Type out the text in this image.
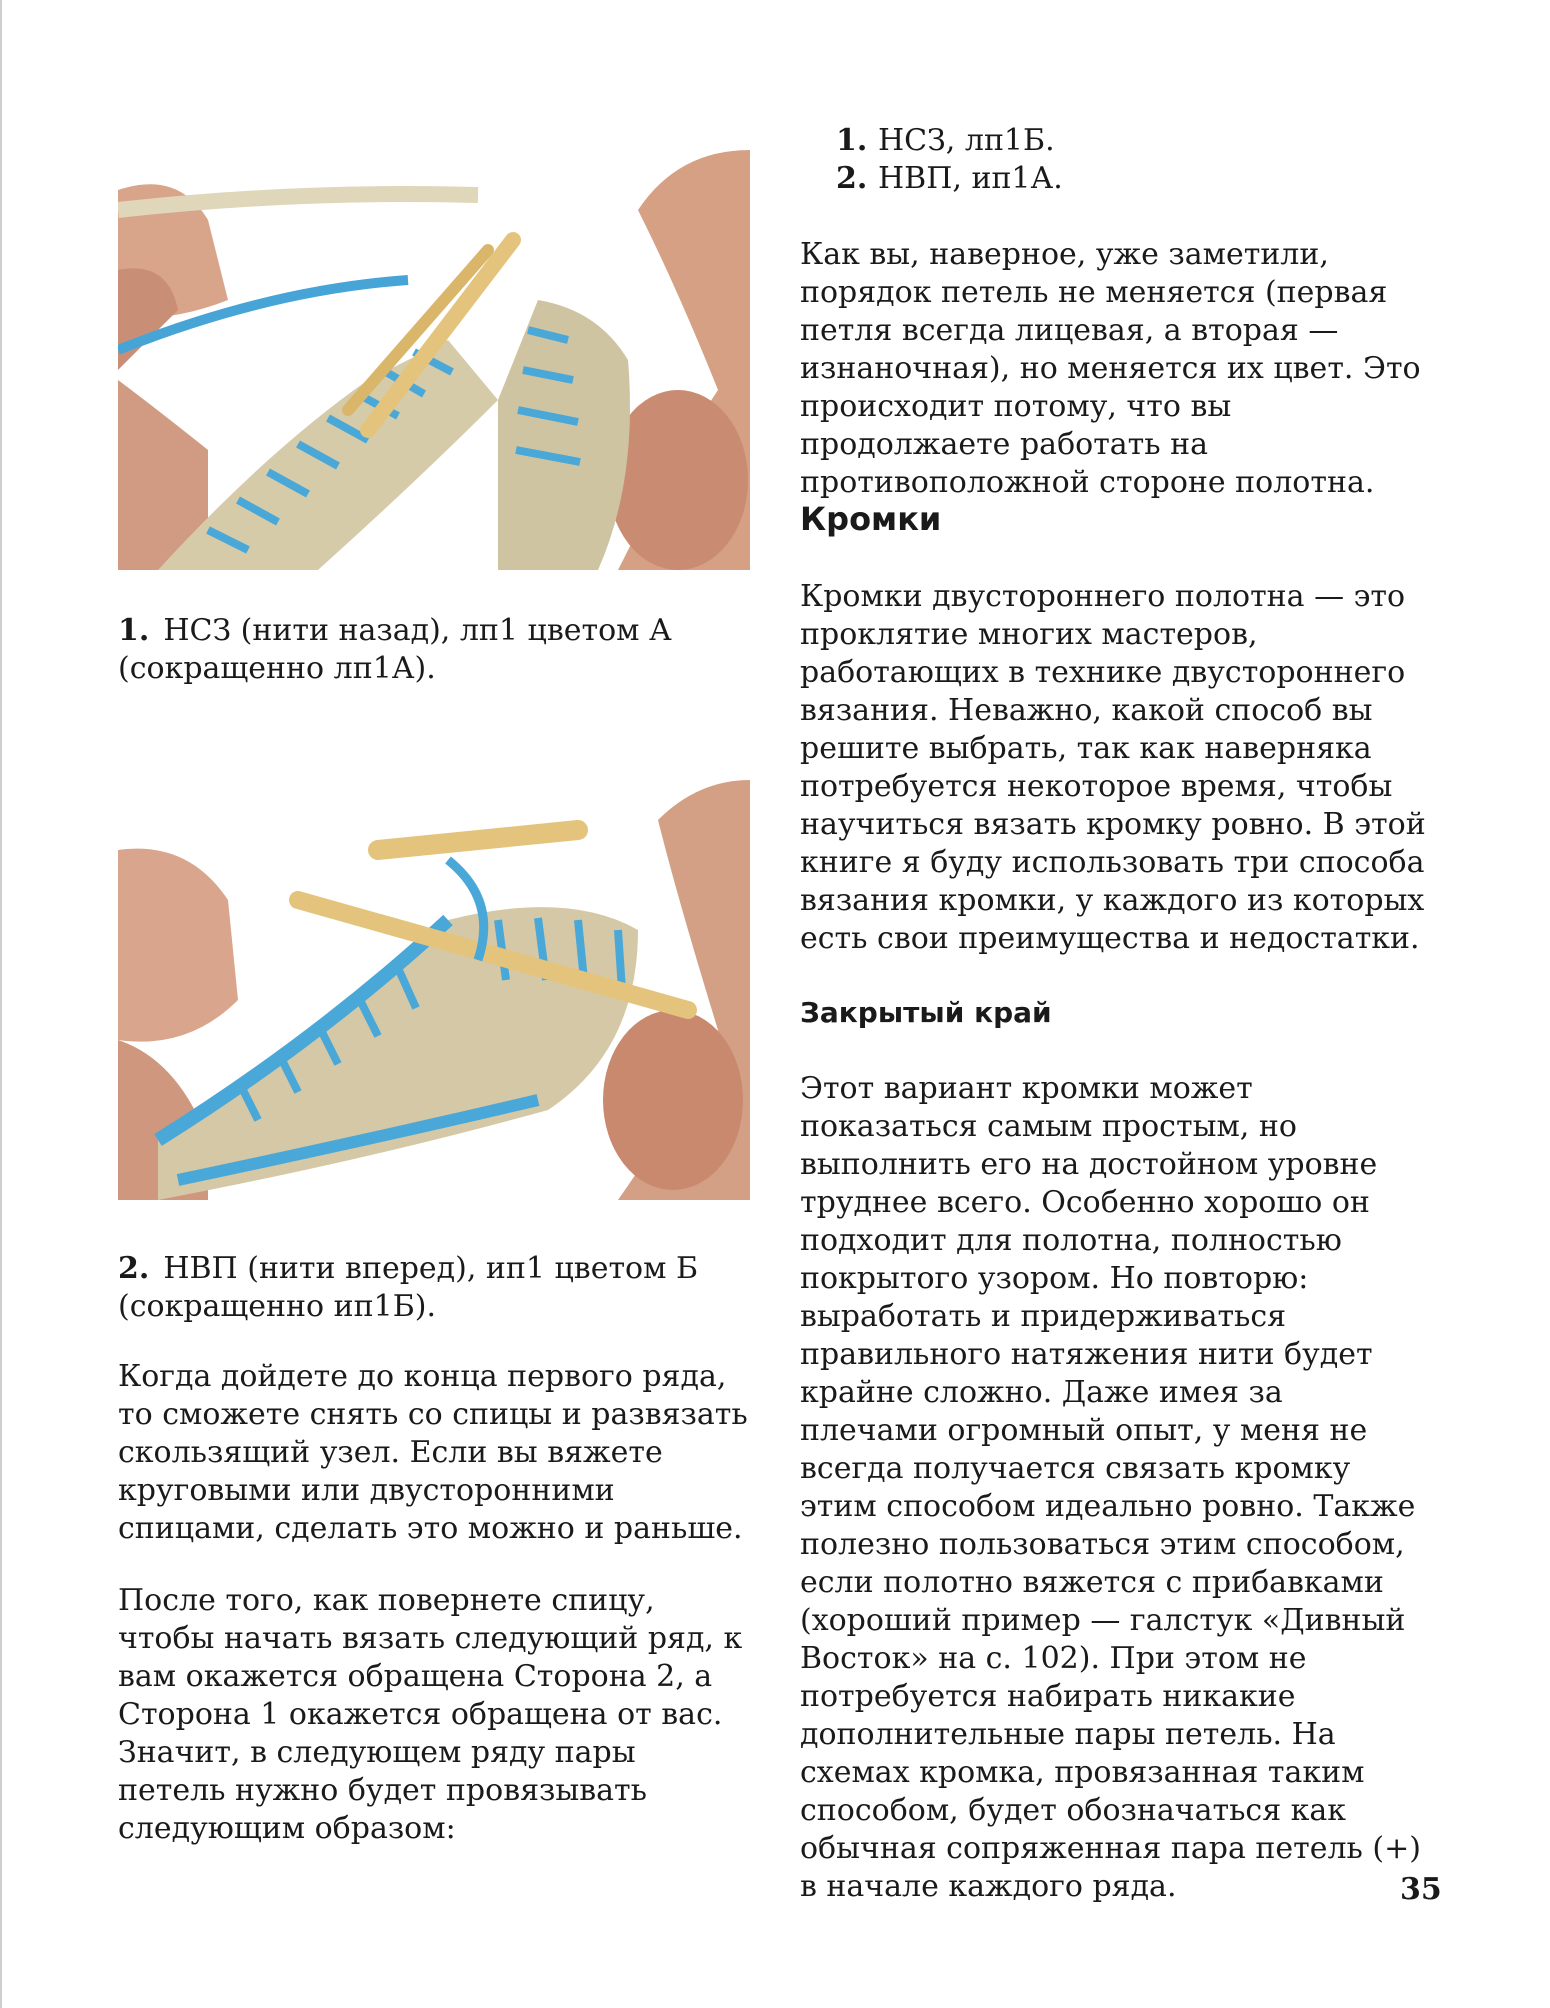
1. НСЗ (нити назад), лп1 цветом А (сокращенно лп1А).

2. НВП (нити вперед), ип1 цветом Б (сокращенно ип1Б).

Когда дойдете до конца первого ряда, то сможете снять со спицы и развязать скользящий узел. Если вы вяжете круговыми или двусторонними спицами, сделать это можно и раньше.

После того, как повернете спицу, чтобы начать вязать следующий ряд, к вам окажется обращена Сторона 2, а Сторона 1 окажется обращена от вас. Значит, в следующем ряду пары петель нужно будет провязывать следующим образом:

1. НСЗ, лп1Б.
2. НВП, ип1А.

Как вы, наверное, уже заметили, порядок петель не меняется (первая петля всегда лицевая, а вторая — изнаночная), но меняется их цвет. Это происходит потому, что вы продолжаете работать на противоположной стороне полотна.

Кромки

Кромки двустороннего полотна — это проклятие многих мастеров, работающих в технике двустороннего вязания. Неважно, какой способ вы решите выбрать, так как наверняка потребуется некоторое время, чтобы научиться вязать кромку ровно. В этой книге я буду использовать три способа вязания кромки, у каждого из которых есть свои преимущества и недостатки.

Закрытый край

Этот вариант кромки может показаться самым простым, но выполнить его на достойном уровне труднее всего. Особенно хорошо он подходит для полотна, полностью покрытого узором. Но повторю: выработать и придерживаться правильного натяжения нити будет крайне сложно. Даже имея за плечами огромный опыт, у меня не всегда получается связать кромку этим способом идеально ровно. Также полезно пользоваться этим способом, если полотно вяжется с прибавками (хороший пример — галстук «Дивный Восток» на с. 102). При этом не потребуется набирать никакие дополнительные пары петель. На схемах кромка, провязанная таким способом, будет обозначаться как обычная сопряженная пара петель (+) в начале каждого ряда.	35
